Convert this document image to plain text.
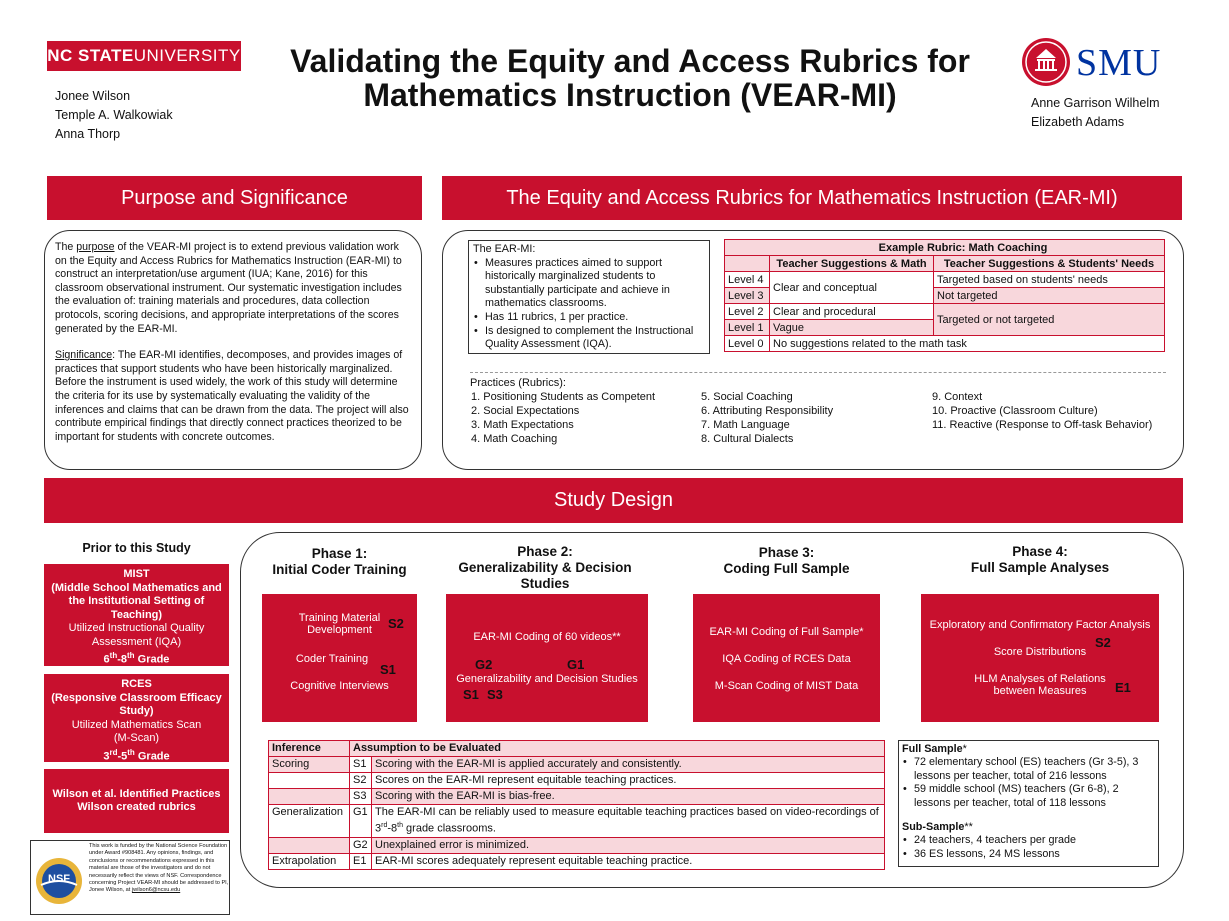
NC STATE UNIVERSITY
Jonee Wilson
Temple A. Walkowiak
Anna Thorp
Validating the Equity and Access Rubrics for
Mathematics Instruction (VEAR-MI)
SMU
Anne Garrison Wilhelm
Elizabeth Adams
Purpose and Significance

The purpose of the VEAR-MI project is to extend previous validation work on the Equity and Access Rubrics for Mathematics Instruction (EAR-MI) to construct an interpretation/use argument (IUA; Kane, 2016) for this classroom observational instrument. Our systematic investigation includes the evaluation of: training materials and procedures, data collection protocols, scoring decisions, and appropriate interpretations of the scores generated by the EAR-MI.

Significance: The EAR-MI identifies, decomposes, and provides images of practices that support students who have been historically marginalized. Before the instrument is used widely, the work of this study will determine the criteria for its use by systematically evaluating the validity of the inferences and claims that can be drawn from the data. The project will also contribute empirical findings that directly connect practices theorized to be important for students with concrete outcomes.

The Equity and Access Rubrics for Mathematics Instruction (EAR-MI)
The EAR-MI:
• Measures practices aimed to support historically marginalized students to substantially participate and achieve in mathematics classrooms.
• Has 11 rubrics, 1 per practice.
• Is designed to complement the Instructional Quality Assessment (IQA).
Example Rubric: Math Coaching		
	Teacher Suggestions & Math	Teacher Suggestions & Students' Needs
Level 4	Clear and conceptual	Targeted based on students' needs
Level 3		Not targeted
Level 2	Clear and procedural	Targeted or not targeted
Level 1	Vague	
Level 0	No suggestions related to the math task	
Practices (Rubrics):
1. Positioning Students as Competent
2. Social Expectations
3. Math Expectations
4. Math Coaching
5. Social Coaching
6. Attributing Responsibility
7. Math Language
8. Cultural Dialects
9. Context
10. Proactive (Classroom Culture)
11. Reactive (Response to Off-task Behavior)
Study Design
Prior to this Study
MIST
(Middle School Mathematics and the Institutional Setting of Teaching)
Utilized Instructional Quality
Assessment (IQA)
6th-8th Grade
RCES
(Responsive Classroom Efficacy Study)
Utilized Mathematics Scan
(M-Scan)
3rd-5th Grade
Wilson et al. Identified Practices
Wilson created rubrics
NSF
This work is funded by the National Science Foundation under Award #908481. Any opinions, findings, and conclusions or recommendations expressed in this material are those of the investigators and do not necessarily reflect the views of NSF. Correspondence concerning Project VEAR-MI should be addressed to PI, Jonee Wilson, at jwilson6@ncsu.edu
Phase 1:
Initial Coder Training
Phase 2:
Generalizability & Decision
Studies
Phase 3:
Coding Full Sample
Phase 4:
Full Sample Analyses
Training Material
Development
Coder Training
Cognitive Interviews
S2
S1
EAR-MI Coding of 60 videos**
Generalizability and Decision Studies
G2	G1
S1 S3
EAR-MI Coding of Full Sample*
IQA Coding of RCES Data
M-Scan Coding of MIST Data
Exploratory and Confirmatory Factor Analysis
Score Distributions
HLM Analyses of Relations
between Measures
S2
E1
Inference	Assumption to be Evaluated	
Scoring	S1	Scoring with the EAR-MI is applied accurately and consistently.
	S2	Scores on the EAR-MI represent equitable teaching practices.
	S3	Scoring with the EAR-MI is bias-free.
Generalization	G1	The EAR-MI can be reliably used to measure equitable teaching practices based on video-recordings of 3rd-8th grade classrooms.
	G2	Unexplained error is minimized.
Extrapolation	E1	EAR-MI scores adequately represent equitable teaching practice.
Full Sample*
• 72 elementary school (ES) teachers (Gr 3-5), 3 lessons per teacher, total of 216 lessons
• 59 middle school (MS) teachers (Gr 6-8), 2 lessons per teacher, total of 118 lessons
Sub-Sample**
• 24 teachers, 4 teachers per grade
• 36 ES lessons, 24 MS lessons
